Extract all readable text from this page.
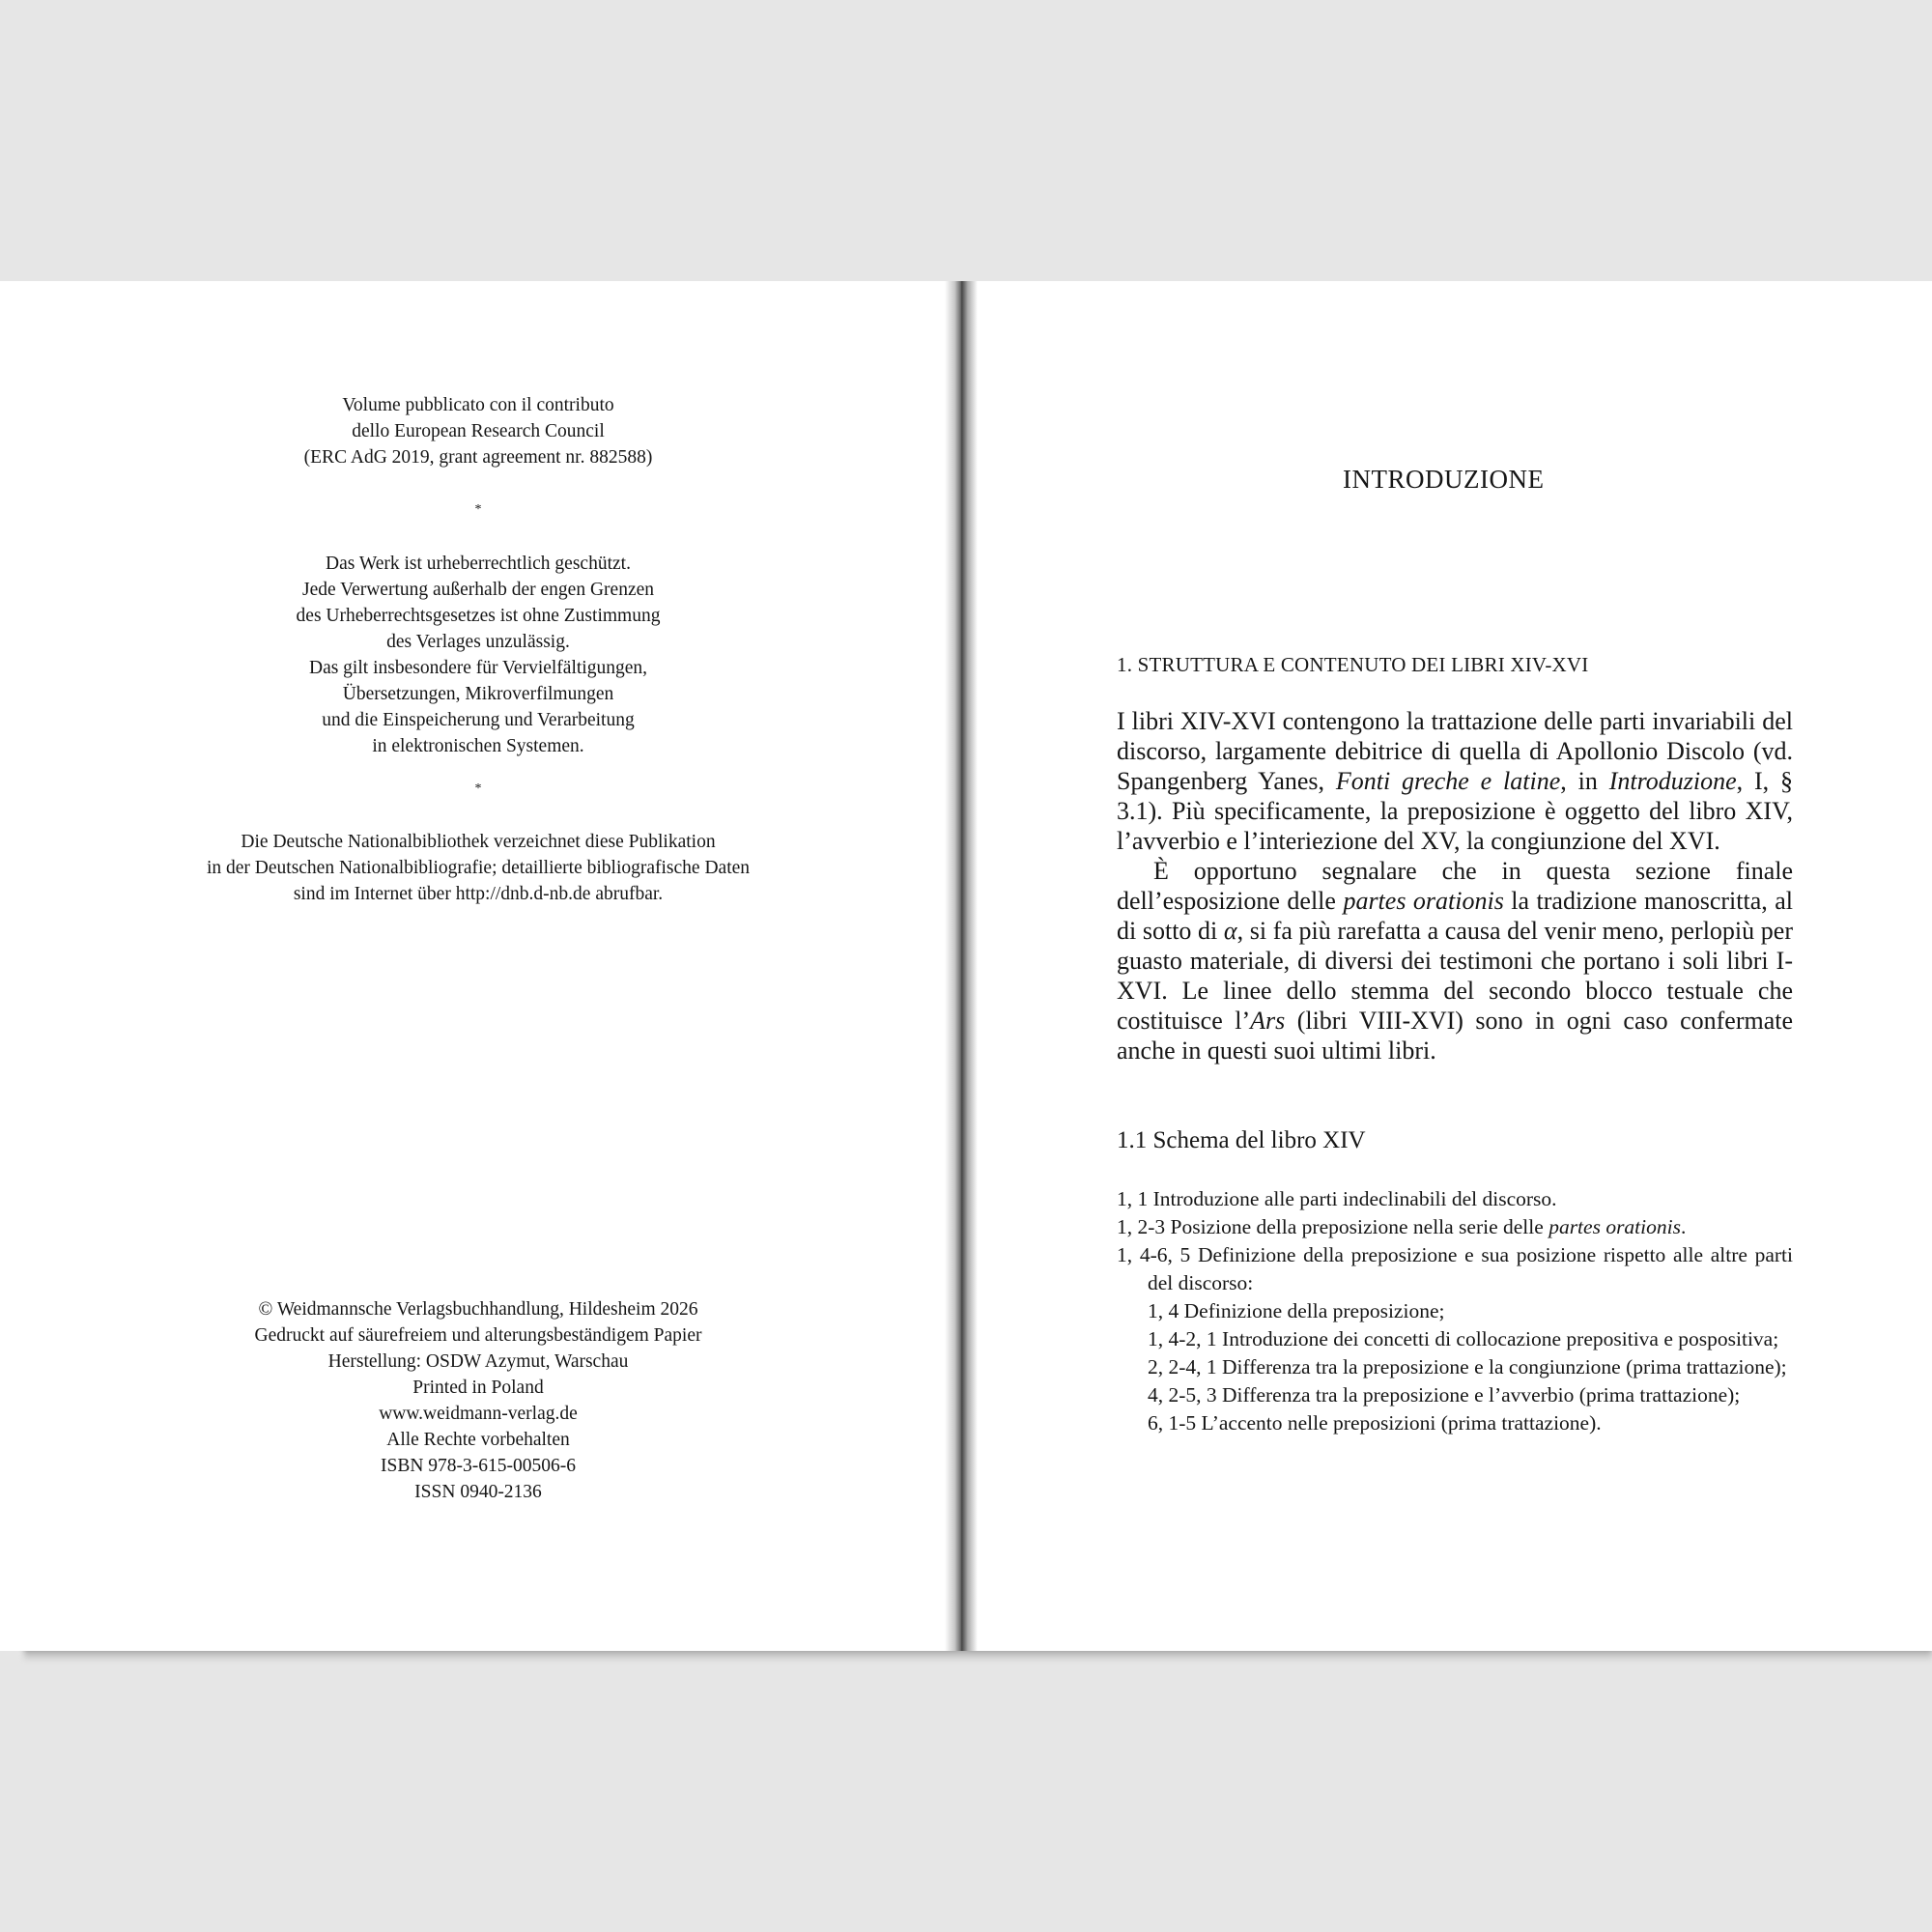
Volume pubblicato con il contributo

dello European Research Council

(ERC AdG 2019, grant agreement nr. 882588)

*

Das Werk ist urheberrechtlich geschützt.

Jede Verwertung außerhalb der engen Grenzen

des Urheberrechtsgesetzes ist ohne Zustimmung

des Verlages unzulässig.

Das gilt insbesondere für Vervielfältigungen,

Übersetzungen, Mikroverfilmungen

und die Einspeicherung und Verarbeitung

in elektronischen Systemen.

*

Die Deutsche Nationalbibliothek verzeichnet diese Publikation

in der Deutschen Nationalbibliografie; detaillierte bibliografische Daten

sind im Internet über http://dnb.d-nb.de abrufbar.

© Weidmannsche Verlagsbuchhandlung, Hildesheim 2026

Gedruckt auf säurefreiem und alterungsbeständigem Papier

Herstellung: OSDW Azymut, Warschau

Printed in Poland

www.weidmann-verlag.de

Alle Rechte vorbehalten

ISBN 978-3-615-00506-6

ISSN 0940-2136

INTRODUZIONE
1. STRUTTURA E CONTENUTO DEI LIBRI XIV-XVI

I libri XIV-XVI contengono la trattazione delle parti invariabili del discorso, largamente debitrice di quella di Apollonio Discolo (vd. Spangenberg Yanes, Fonti greche e latine, in Introduzione, I, § 3.1). Più specificamente, la preposizione è oggetto del libro XIV, l’avverbio e l’interiezione del XV, la congiunzione del XVI.

È opportuno segnalare che in questa sezione finale dell’esposizione delle partes orationis la tradizione manoscritta, al di sotto di α, si fa più rarefatta a causa del venir meno, perlopiù per guasto materiale, di diversi dei testimoni che portano i soli libri I-XVI. Le linee dello stemma del secondo blocco testuale che costituisce l’Ars (libri VIII-XVI) sono in ogni caso confermate anche in questi suoi ultimi libri.

1.1 Schema del libro XIV

1, 1 Introduzione alle parti indeclinabili del discorso.

1, 2-3 Posizione della preposizione nella serie delle partes orationis.

1, 4-6, 5 Definizione della preposizione e sua posizione rispetto alle altre parti del discorso:

1, 4 Definizione della preposizione;

1, 4-2, 1 Introduzione dei concetti di collocazione prepositiva e pospositiva;

2, 2-4, 1 Differenza tra la preposizione e la congiunzione (prima trattazione);

4, 2-5, 3 Differenza tra la preposizione e l’avverbio (prima trattazione);

6, 1-5 L’accento nelle preposizioni (prima trattazione).
